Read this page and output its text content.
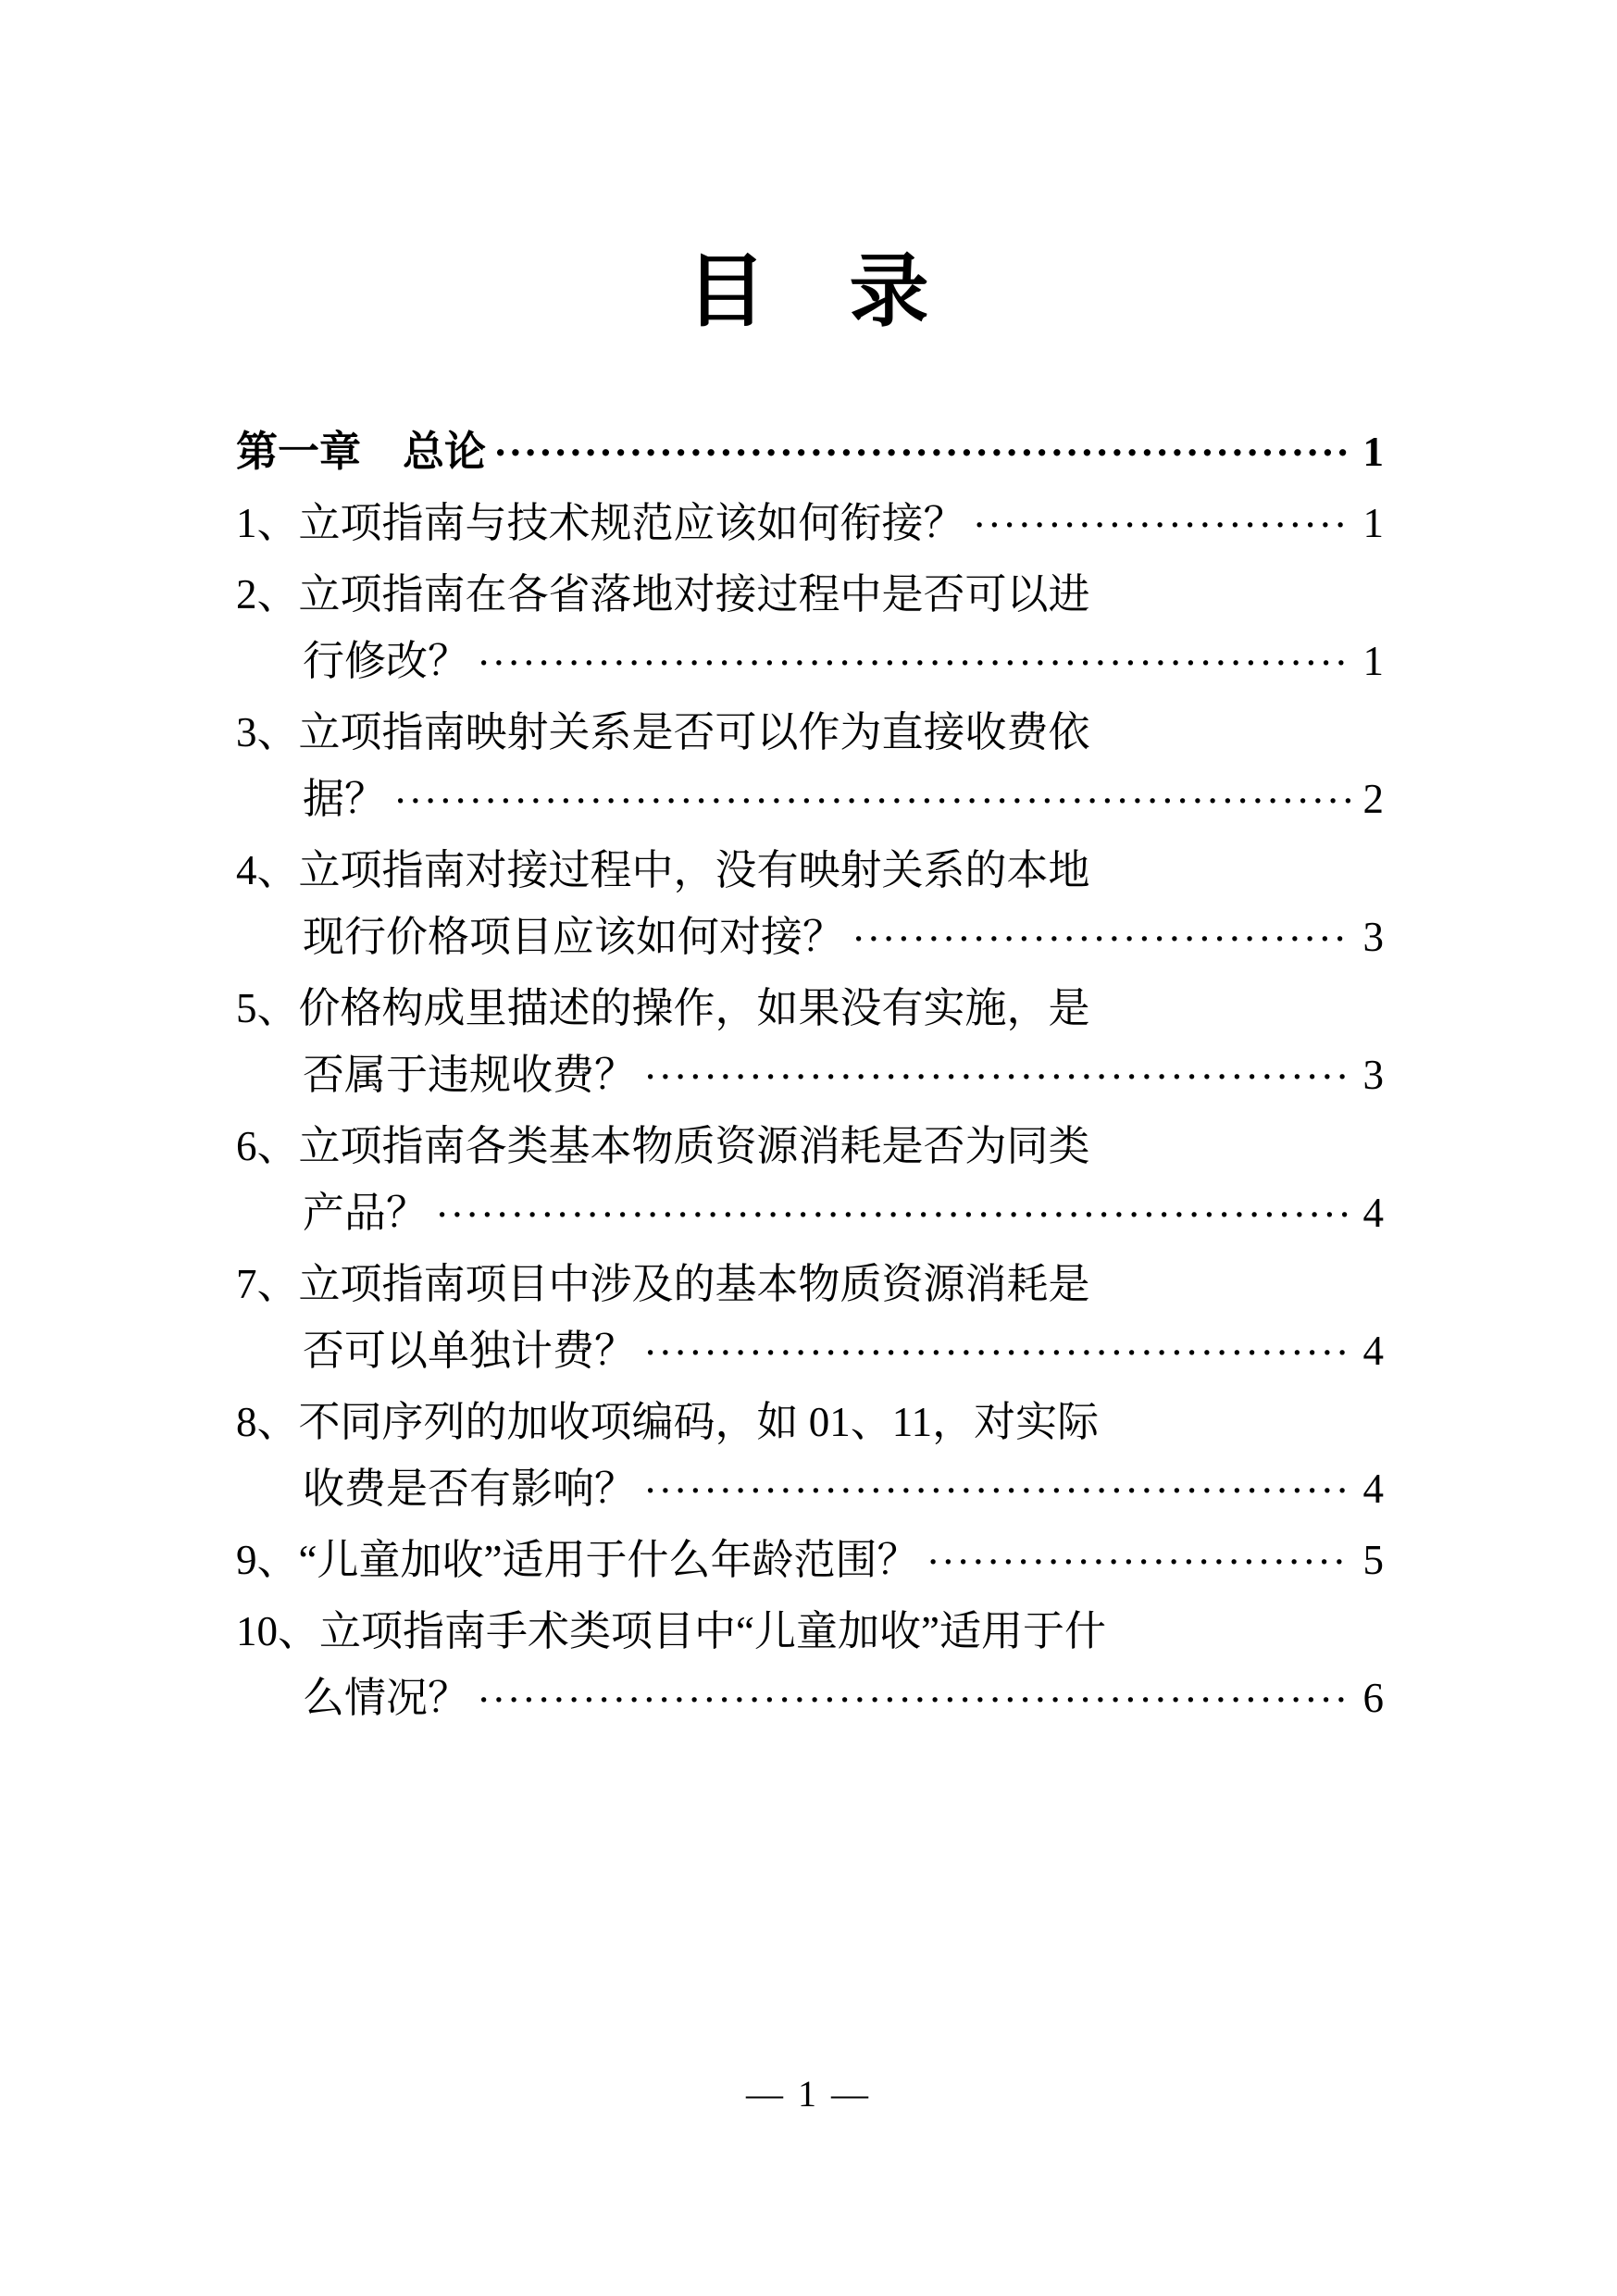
目　录
第一章　总论 .....	1
1、 立项指南与技术规范应该如何衔接？ .....	1
2、 立项指南在各省落地对接过程中是否可以进
行修改？ .....	1
3、 立项指南映射关系是否可以作为直接收费依
据？ .....	2
4、 立项指南对接过程中，没有映射关系的本地
现行价格项目应该如何对接？ .....	3
5、 价格构成里描述的操作，如果没有实施，是
否属于违规收费？ .....	3
6、 立项指南各类基本物质资源消耗是否为同类
产品？ .....	4
7、 立项指南项目中涉及的基本物质资源消耗是
否可以单独计费？ .....	4
8、 不同序列的加收项编码，如 01、11，对实际
收费是否有影响？ .....	4
9、 “儿童加收”适用于什么年龄范围？ .....	5
10、 立项指南手术类项目中“儿童加收”适用于什
么情况？ .....	6
— 1 —
